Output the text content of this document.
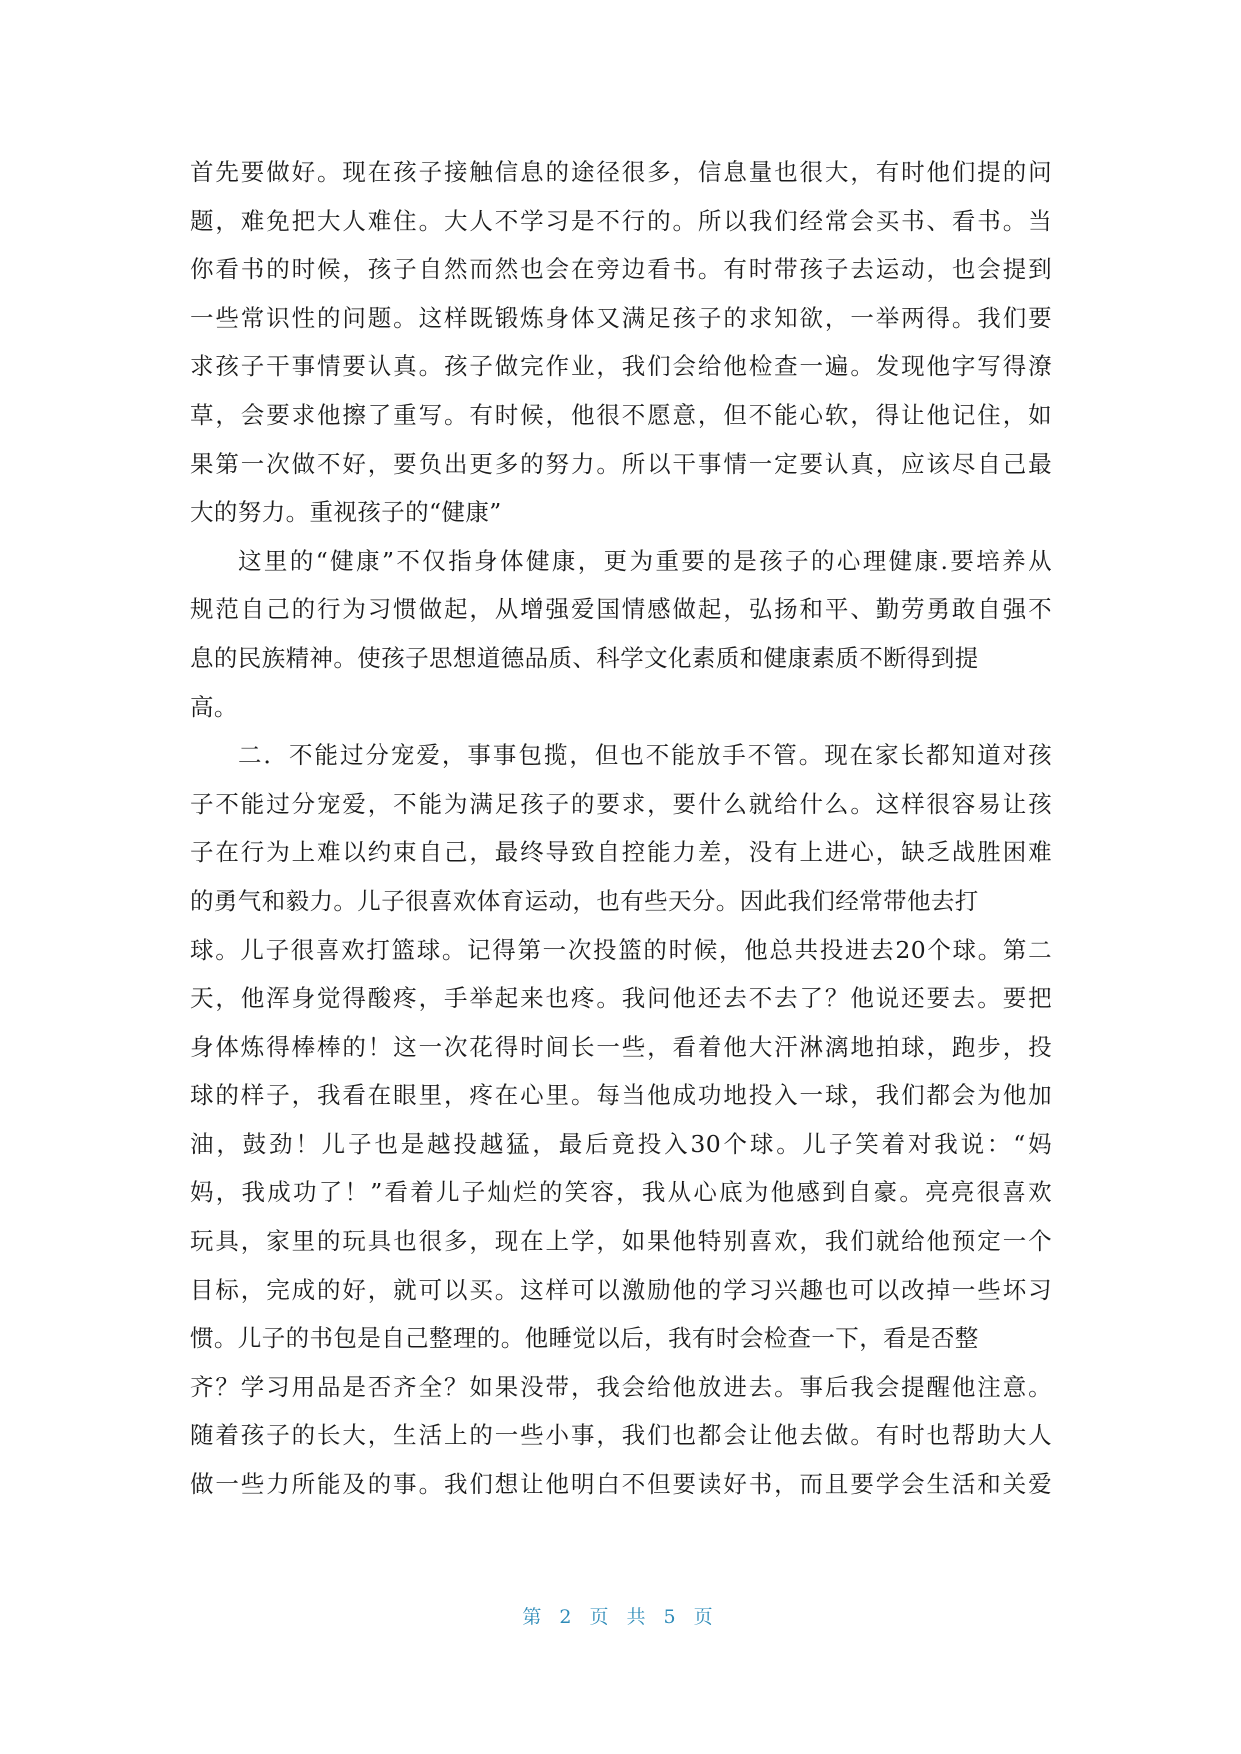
首先要做好。现在孩子接触信息的途径很多，信息量也很大，有时他们提的问
题，难免把大人难住。大人不学习是不行的。所以我们经常会买书、看书。当
你看书的时候，孩子自然而然也会在旁边看书。有时带孩子去运动，也会提到
一些常识性的问题。这样既锻炼身体又满足孩子的求知欲，一举两得。我们要
求孩子干事情要认真。孩子做完作业，我们会给他检查一遍。发现他字写得潦
草，会要求他擦了重写。有时候，他很不愿意，但不能心软，得让他记住，如
果第一次做不好，要负出更多的努力。所以干事情一定要认真，应该尽自己最
大的努力。重视孩子的“健康”
这里的“健康”不仅指身体健康，更为重要的是孩子的心理健康.要培养从
规范自己的行为习惯做起，从增强爱国情感做起，弘扬和平、勤劳勇敢自强不
息的民族精神。使孩子思想道德品质、科学文化素质和健康素质不断得到提
高。
二．不能过分宠爱，事事包揽，但也不能放手不管。现在家长都知道对孩
子不能过分宠爱，不能为满足孩子的要求，要什么就给什么。这样很容易让孩
子在行为上难以约束自己，最终导致自控能力差，没有上进心，缺乏战胜困难
的勇气和毅力。儿子很喜欢体育运动，也有些天分。因此我们经常带他去打
球。儿子很喜欢打篮球。记得第一次投篮的时候，他总共投进去20个球。第二
天，他浑身觉得酸疼，手举起来也疼。我问他还去不去了？他说还要去。要把
身体炼得棒棒的！这一次花得时间长一些，看着他大汗淋漓地拍球，跑步，投
球的样子，我看在眼里，疼在心里。每当他成功地投入一球，我们都会为他加
油，鼓劲！儿子也是越投越猛，最后竟投入30个球。儿子笑着对我说：“妈
妈，我成功了！”看着儿子灿烂的笑容，我从心底为他感到自豪。亮亮很喜欢
玩具，家里的玩具也很多，现在上学，如果他特别喜欢，我们就给他预定一个
目标，完成的好，就可以买。这样可以激励他的学习兴趣也可以改掉一些坏习
惯。儿子的书包是自己整理的。他睡觉以后，我有时会检查一下，看是否整
齐？学习用品是否齐全？如果没带，我会给他放进去。事后我会提醒他注意。
随着孩子的长大，生活上的一些小事，我们也都会让他去做。有时也帮助大人
做一些力所能及的事。我们想让他明白不但要读好书，而且要学会生活和关爱
第 2 页 共 5 页
